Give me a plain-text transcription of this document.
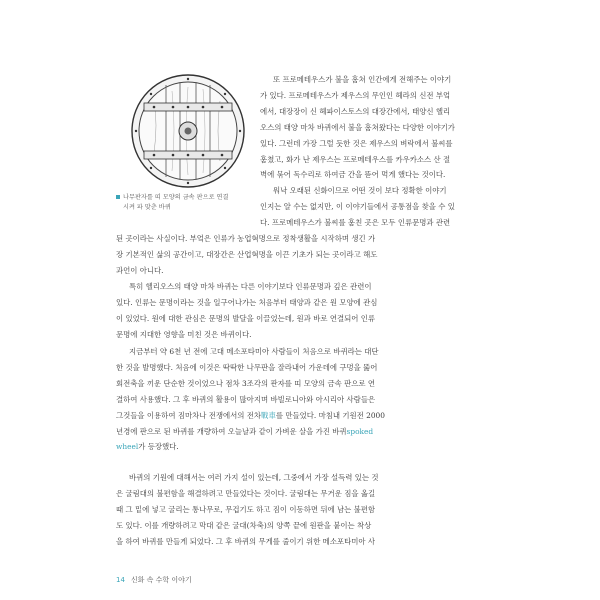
나무판자를 띠 모양의 금속 판으로 연결
시켜 파 맞춘 바퀴
또 프로메테우스가 불을 훔쳐 인간에게 전해주는 이야기
가 있다. 프로메테우스가 제우스의 무인인 헤라의 신전 부엌
에서, 대장장이 신 헤파이스토스의 대장간에서, 태양신 헬리
오스의 태양 마차 바퀴에서 불을 훔쳐왔다는 다양한 이야기가
있다. 그런데 가장 그럴 듯한 것은 제우스의 벼락에서 불씨를
훔쳤고, 화가 난 제우스는 프로메테우스를 카우카소스 산 절
벽에 묶어 독수리로 하여금 간을 뜯어 먹게 했다는 것이다.
워낙 오래된 신화이므로 어떤 것이 보다 정확한 이야기
인지는 알 수는 없지만, 이 이야기들에서 공통점을 찾을 수 있
다. 프로메테우스가 불씨를 훔친 곳은 모두 인류문명과 관련
된 곳이라는 사실이다. 부엌은 인류가 농업혁명으로 정착생활을 시작하며 생긴 가
장 기본적인 삶의 공간이고, 대장간은 산업혁명을 이끈 기초가 되는 곳이라고 해도
과언이 아니다.
특히 헬리오스의 태양 마차 바퀴는 다른 이야기보다 인류문명과 깊은 관련이
있다. 인류는 문명이라는 것을 일구어나가는 처음부터 태양과 같은 원 모양에 관심
이 있었다. 원에 대한 관심은 문명의 발달을 이끌었는데, 원과 바로 연결되어 인류
문명에 지대한 영향을 미친 것은 바퀴이다.
지금부터 약 6천 년 전에 고대 메소포타미아 사람들이 처음으로 바퀴라는 대단
한 것을 발명했다. 처음에 이것은 딱딱한 나무판을 잘라내어 가운데에 구멍을 뚫어
회전축을 끼운 단순한 것이었으나 점차 3조각의 판자를 띠 모양의 금속 판으로 연
결하여 사용했다. 그 후 바퀴의 활용이 많아지며 바빌로니아와 아시리아 사람들은
그것들을 이용하여 짐마차나 전쟁에서의 전차戰車를 만들었다. 마침내 기원전 2000
년경에 판으로 된 바퀴를 개량하여 오늘날과 같이 가벼운 살을 가진 바퀴spoked
wheel가 등장했다.
바퀴의 기원에 대해서는 여러 가지 설이 있는데, 그중에서 가장 설득력 있는 것
은 굴림대의 불편함을 해결하려고 만들었다는 것이다. 굴림대는 무거운 짐을 옮길
때 그 밑에 넣고 굴리는 통나무로, 무겁기도 하고 짐이 이동하면 뒤에 남는 불편함
도 있다. 이를 개량하려고 막대 같은 굴대(차축)의 양쪽 끝에 원판을 붙이는 착상
을 하여 바퀴를 만들게 되었다. 그 후 바퀴의 무게를 줄이기 위한 메소포타미아 사
14 신화 속 수학 이야기
